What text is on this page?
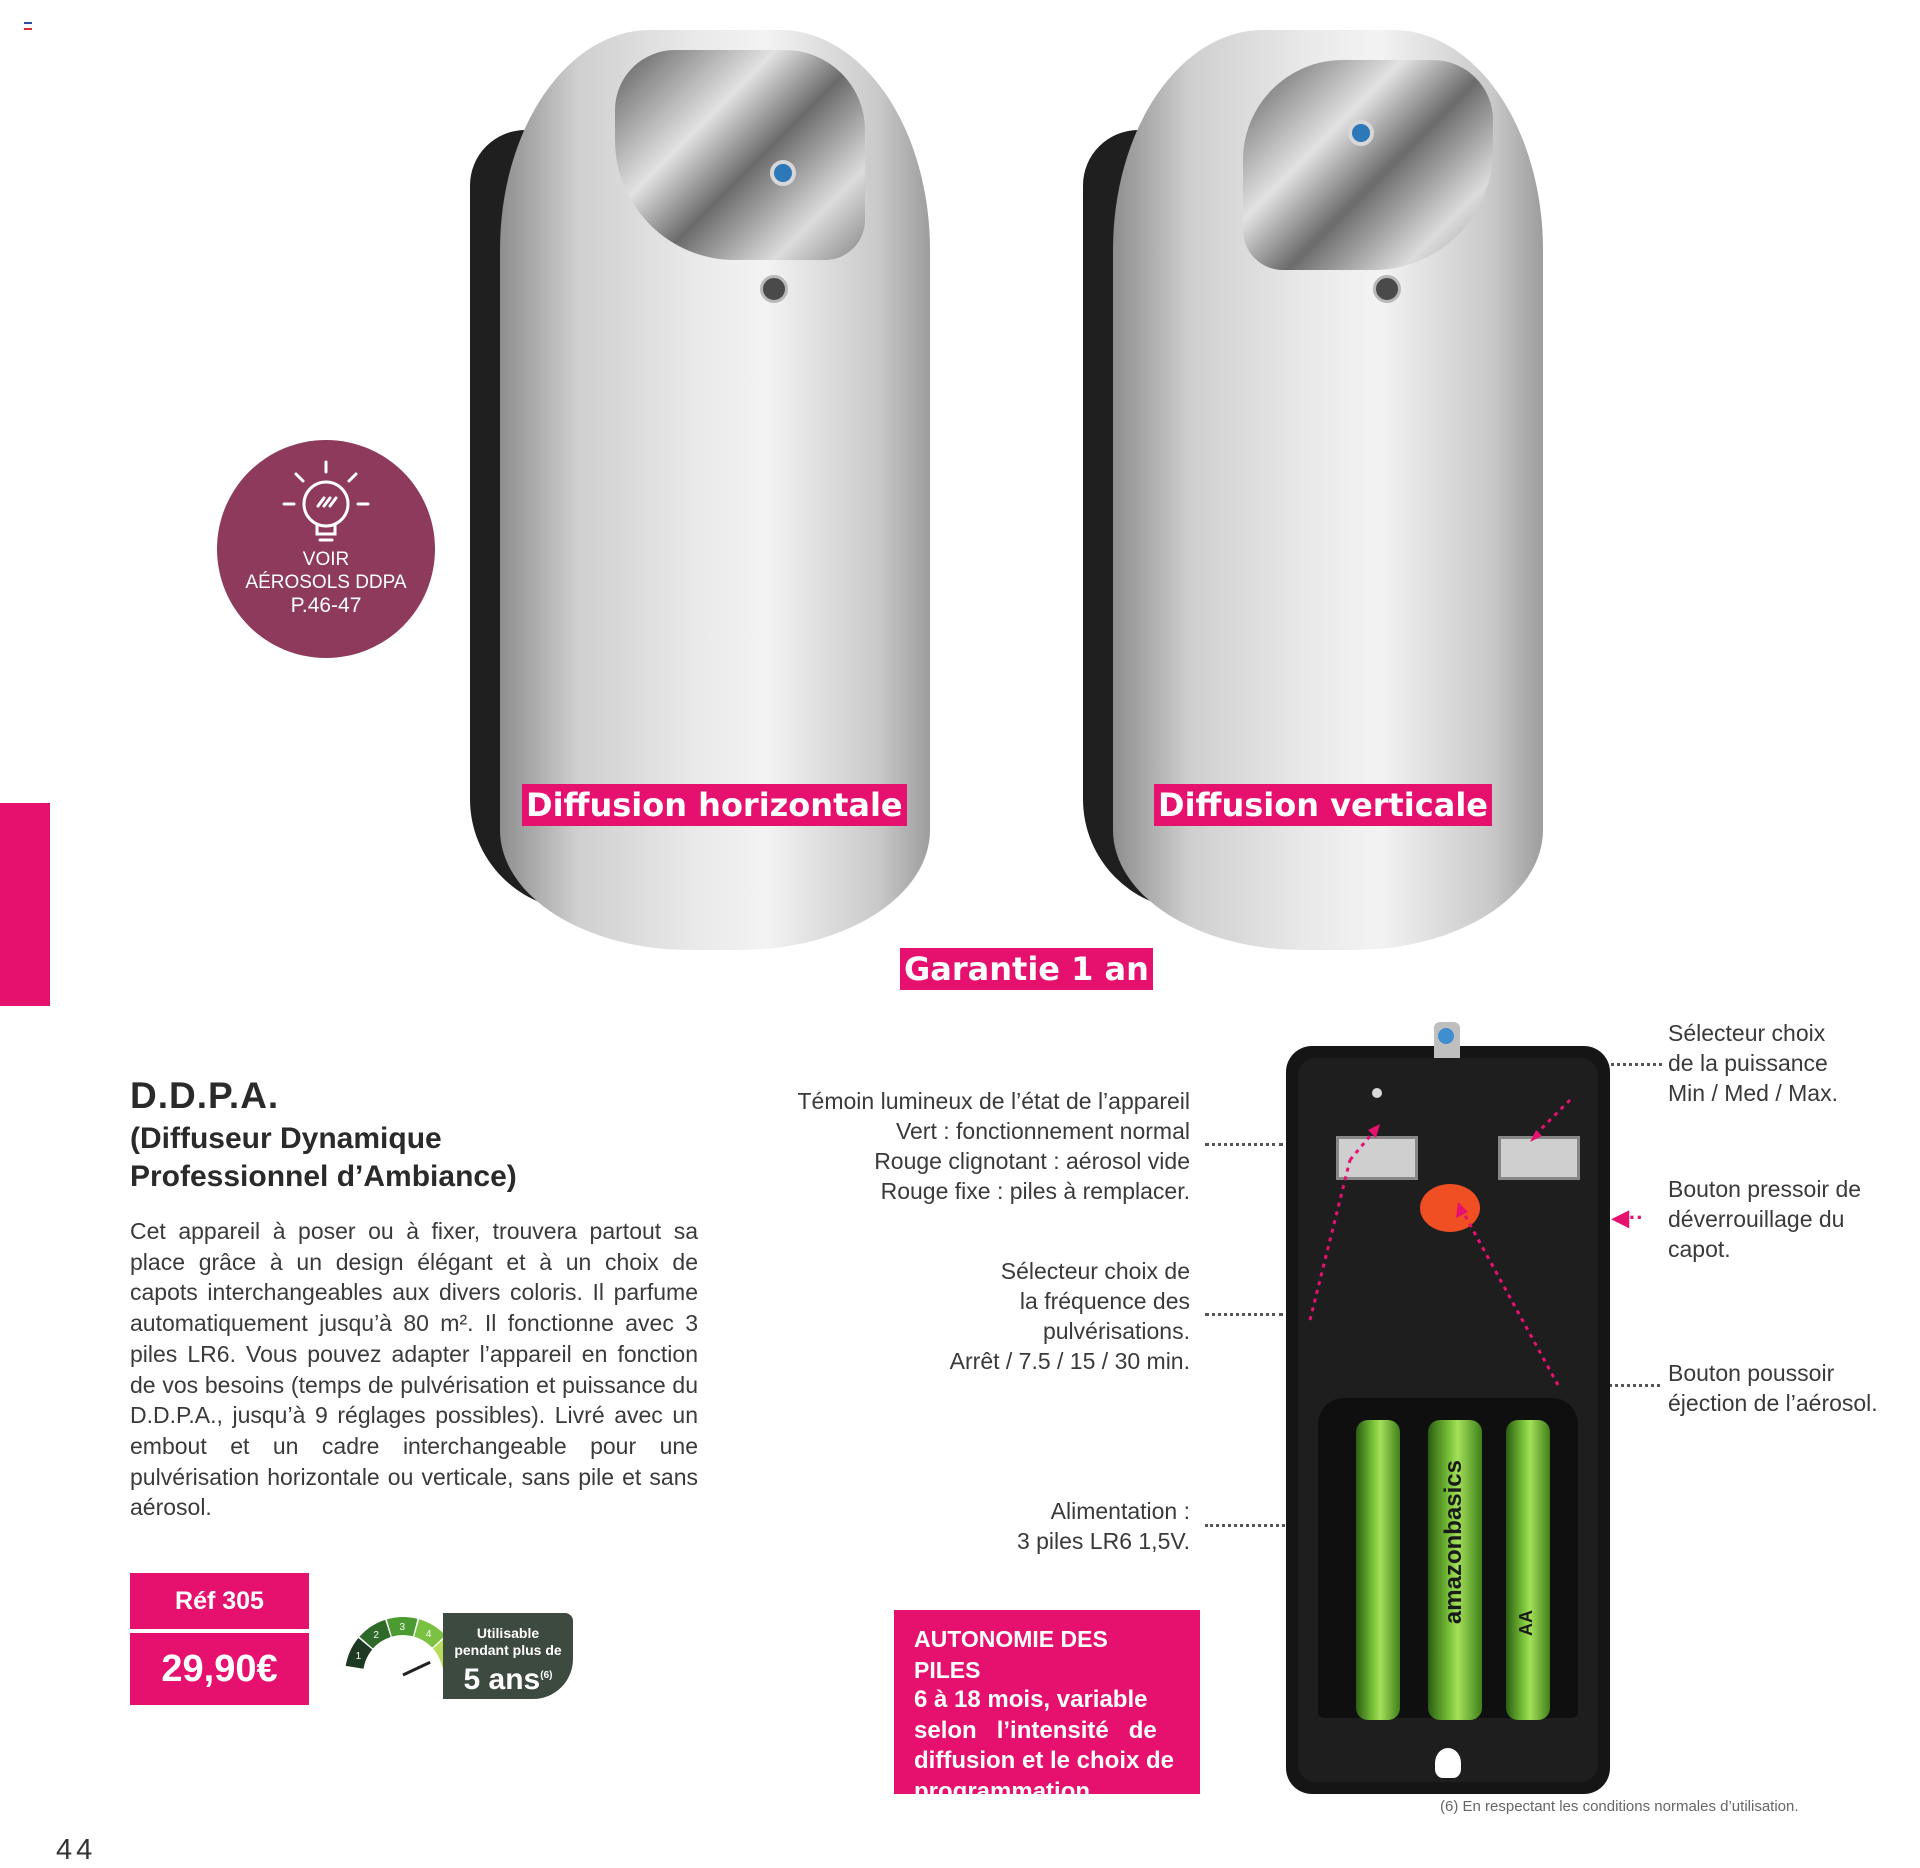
Diffusion horizontale	Diffusion verticale
Garantie 1 an
VOIR
AÉROSOLS DDPA
P.46-47
D.D.P.A.
(Diffuseur Dynamique
Professionnel d’Ambiance)
Cet appareil à poser ou à fixer, trouvera partout sa place grâce à un design élégant et à un choix de capots interchangeables aux divers coloris. Il parfume automatiquement jusqu’à 80 m². Il fonctionne avec 3 piles LR6. Vous pouvez adapter l’appareil en fonction de vos besoins (temps de pulvérisation et puissance du D.D.P.A., jusqu’à 9 réglages possibles). Livré avec un embout et un cadre interchangeable pour une pulvérisation horizontale ou verticale, sans pile et sans aérosol.
Réf 305
29,90€	1
2
3
4	Utilisable
pendant plus de
5 ans$^{(6)}$
Témoin lumineux de l’état de l’appareil
Vert : fonctionnement normal
Rouge clignotant : aérosol vide
Rouge fixe : piles à remplacer.
Sélecteur choix de
la fréquence des
pulvérisations.
Arrêt / 7.5 / 15 / 30 min.
Alimentation :
3 piles LR6 1,5V.
Sélecteur choix
de la puissance
Min / Med / Max.
Bouton pressoir de
déverrouillage du
capot.
◀··
Bouton poussoir
éjection de l’aérosol.
AUTONOMIE DES PILES
6 à 18 mois, variable
selon   l’intensité   de
diffusion et le choix de
programmation.
amazonbasics	AA
(6) En respectant les conditions normales d’utilisation.
44
